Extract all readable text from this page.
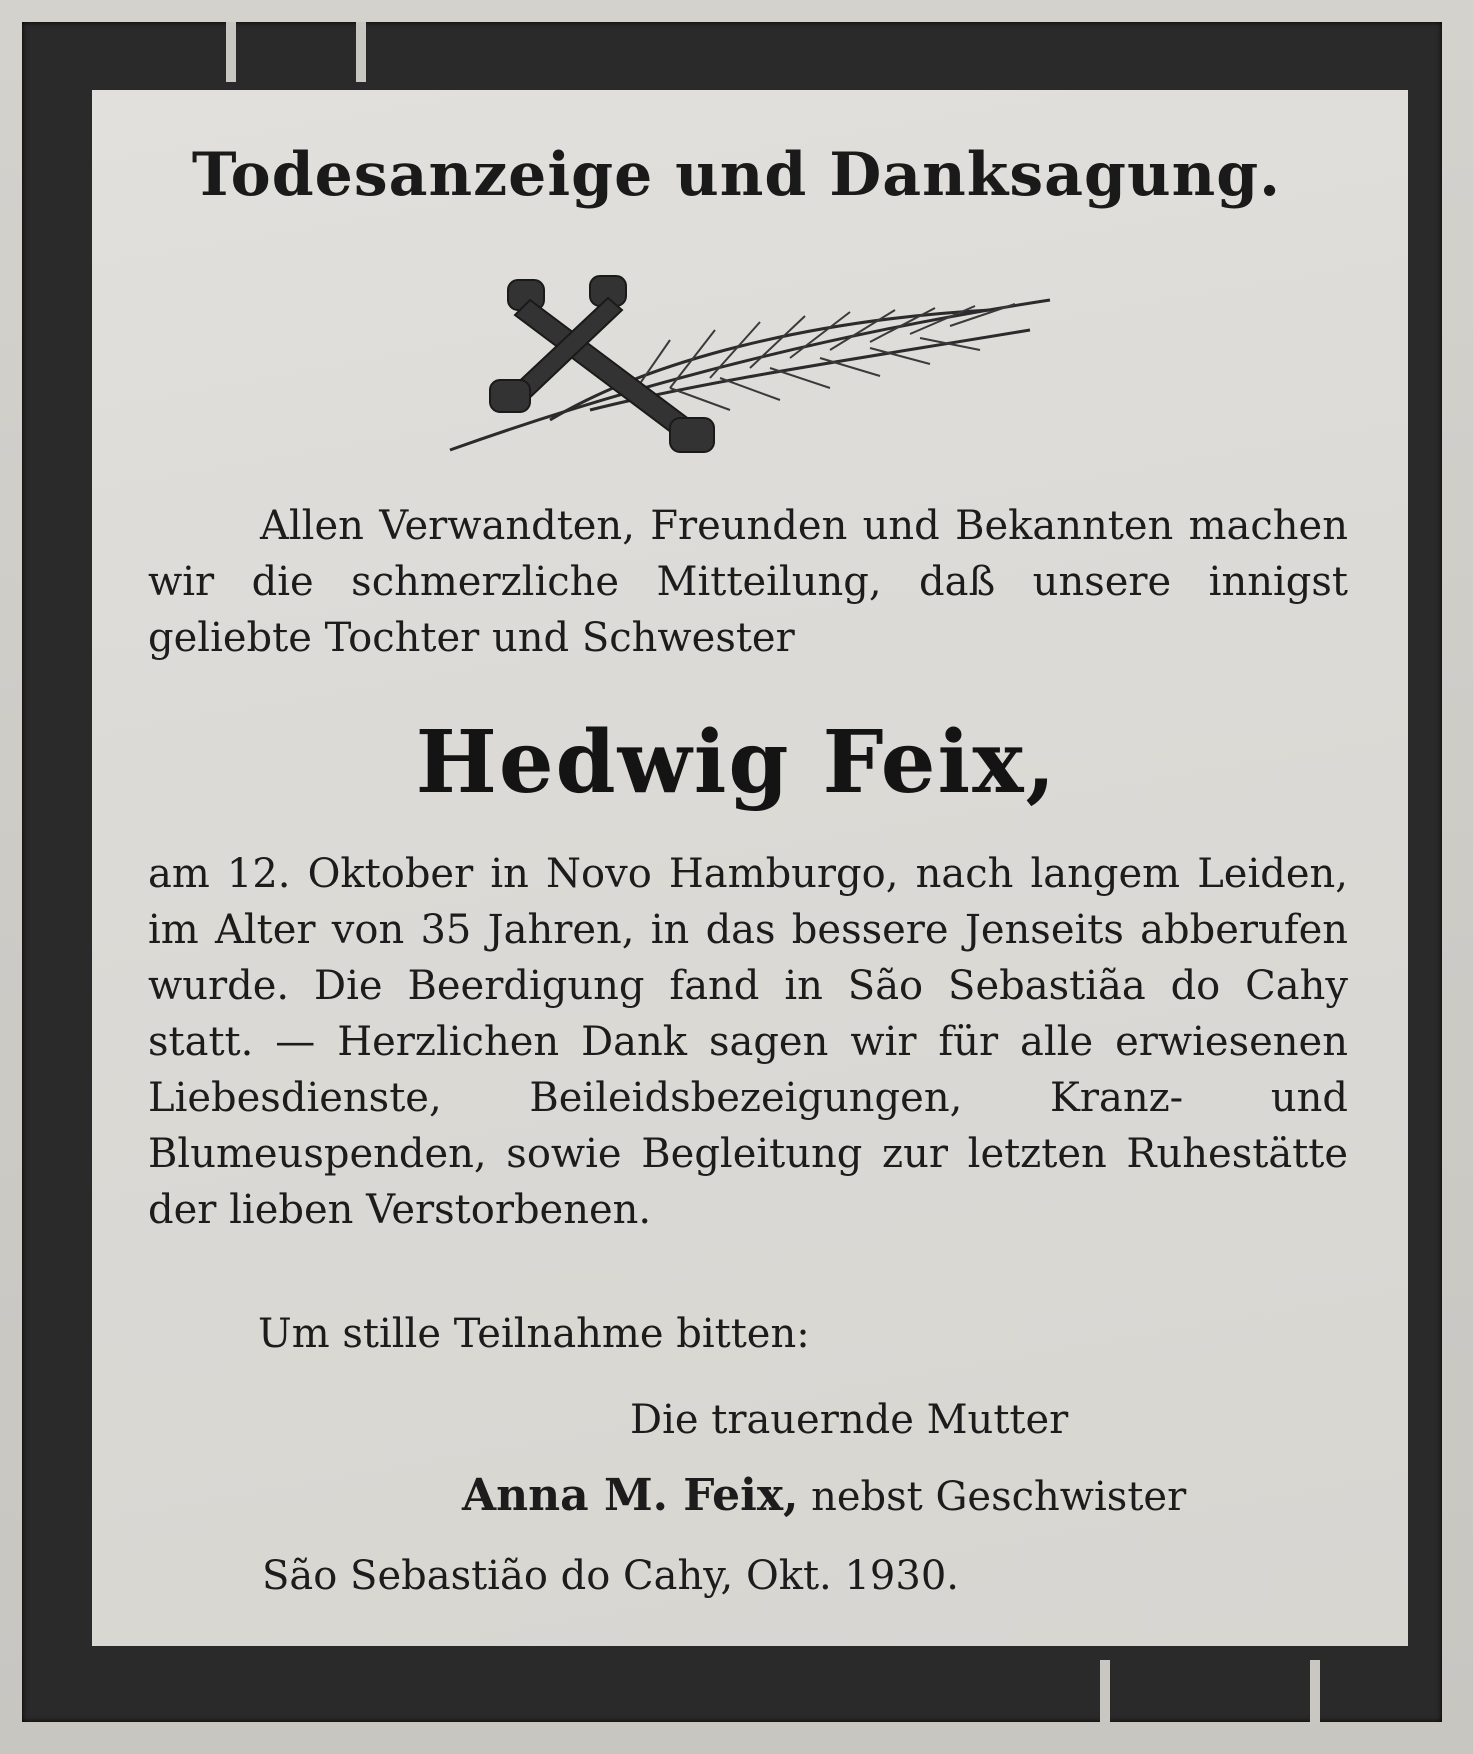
Todesanzeige und Danksagung.

Allen Verwandten, Freunden und Bekannten machen wir die schmerzliche Mitteilung, daß unsere innigst geliebte Tochter und Schwester

Hedwig Feix,

am 12. Oktober in Novo Hamburgo, nach langem Leiden, im Alter von 35 Jahren, in das bessere Jenseits abberufen wurde. Die Beerdigung fand in São Sebastiãa do Cahy statt. — Herzlichen Dank sagen wir für alle erwiesenen Liebesdienste, Beileidsbezeigungen, Kranz- und Blumeuspenden, sowie Begleitung zur letzten Ruhestätte der lieben Verstorbenen.

Um stille Teilnahme bitten:
Die trauernde Mutter
Anna M. Feix, nebst Geschwister
São Sebastião do Cahy, Okt. 1930.
